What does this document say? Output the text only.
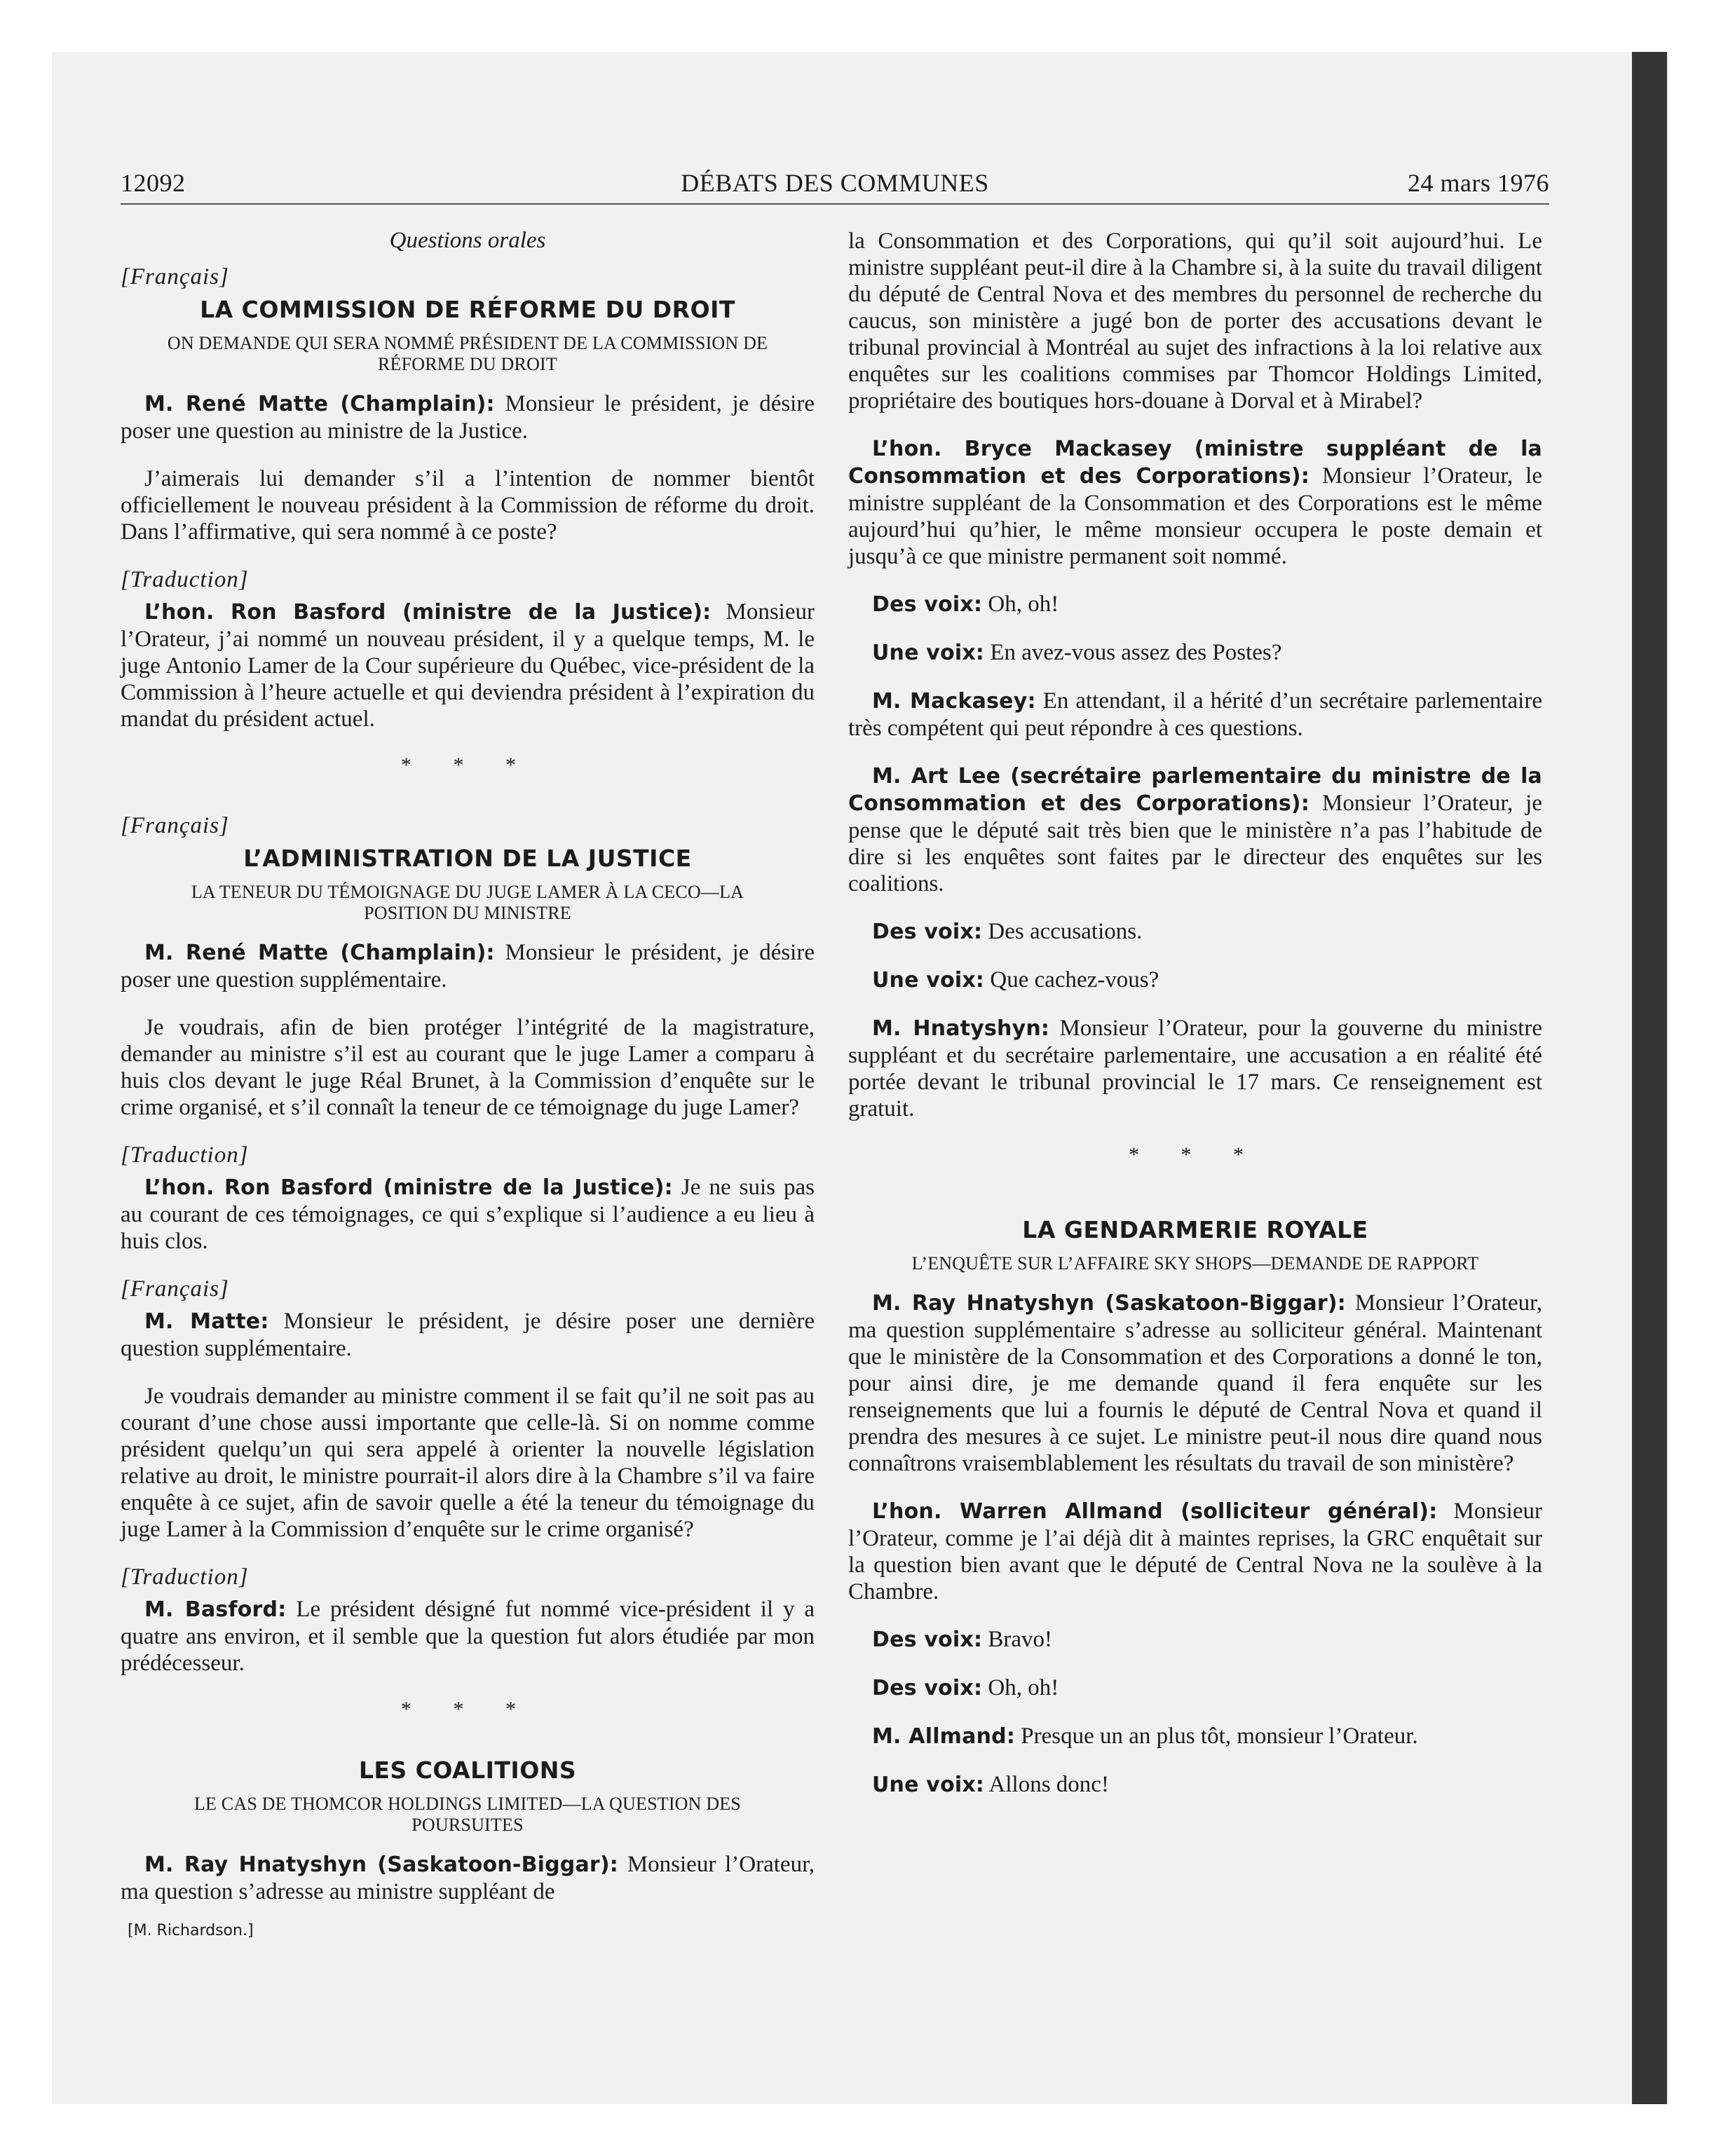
12092	DÉBATS DES COMMUNES	24 mars 1976
Questions orales
[Français]
LA COMMISSION DE RÉFORME DU DROIT
ON DEMANDE QUI SERA NOMMÉ PRÉSIDENT DE LA COMMISSION DE RÉFORME DU DROIT

M. René Matte (Champlain): Monsieur le président, je désire poser une question au ministre de la Justice.

J’aimerais lui demander s’il a l’intention de nommer bientôt officiellement le nouveau président à la Commission de réforme du droit. Dans l’affirmative, qui sera nommé à ce poste?

[Traduction]

L’hon. Ron Basford (ministre de la Justice): Monsieur l’Orateur, j’ai nommé un nouveau président, il y a quelque temps, M. le juge Antonio Lamer de la Cour supérieure du Québec, vice-président de la Commission à l’heure actuelle et qui deviendra président à l’expiration du mandat du président actuel.

* * *
[Français]
L’ADMINISTRATION DE LA JUSTICE
LA TENEUR DU TÉMOIGNAGE DU JUGE LAMER À LA CECO—LA POSITION DU MINISTRE

M. René Matte (Champlain): Monsieur le président, je désire poser une question supplémentaire.

Je voudrais, afin de bien protéger l’intégrité de la magistrature, demander au ministre s’il est au courant que le juge Lamer a comparu à huis clos devant le juge Réal Brunet, à la Commission d’enquête sur le crime organisé, et s’il connaît la teneur de ce témoignage du juge Lamer?

[Traduction]

L’hon. Ron Basford (ministre de la Justice): Je ne suis pas au courant de ces témoignages, ce qui s’explique si l’audience a eu lieu à huis clos.

[Français]

M. Matte: Monsieur le président, je désire poser une dernière question supplémentaire.

Je voudrais demander au ministre comment il se fait qu’il ne soit pas au courant d’une chose aussi importante que celle-là. Si on nomme comme président quelqu’un qui sera appelé à orienter la nouvelle législation relative au droit, le ministre pourrait-il alors dire à la Chambre s’il va faire enquête à ce sujet, afin de savoir quelle a été la teneur du témoignage du juge Lamer à la Commission d’enquête sur le crime organisé?

[Traduction]

M. Basford: Le président désigné fut nommé vice-président il y a quatre ans environ, et il semble que la question fut alors étudiée par mon prédécesseur.

* * *
LES COALITIONS
LE CAS DE THOMCOR HOLDINGS LIMITED—LA QUESTION DES POURSUITES

M. Ray Hnatyshyn (Saskatoon-Biggar): Monsieur l’Orateur, ma question s’adresse au ministre suppléant de

[M. Richardson.]

la Consommation et des Corporations, qui qu’il soit aujourd’hui. Le ministre suppléant peut-il dire à la Chambre si, à la suite du travail diligent du député de Central Nova et des membres du personnel de recherche du caucus, son ministère a jugé bon de porter des accusations devant le tribunal provincial à Montréal au sujet des infractions à la loi relative aux enquêtes sur les coalitions commises par Thomcor Holdings Limited, propriétaire des boutiques hors-douane à Dorval et à Mirabel?

L’hon. Bryce Mackasey (ministre suppléant de la Consommation et des Corporations): Monsieur l’Orateur, le ministre suppléant de la Consommation et des Corporations est le même aujourd’hui qu’hier, le même monsieur occupera le poste demain et jusqu’à ce que ministre permanent soit nommé.

Des voix: Oh, oh!

Une voix: En avez-vous assez des Postes?

M. Mackasey: En attendant, il a hérité d’un secrétaire parlementaire très compétent qui peut répondre à ces questions.

M. Art Lee (secrétaire parlementaire du ministre de la Consommation et des Corporations): Monsieur l’Orateur, je pense que le député sait très bien que le ministère n’a pas l’habitude de dire si les enquêtes sont faites par le directeur des enquêtes sur les coalitions.

Des voix: Des accusations.

Une voix: Que cachez-vous?

M. Hnatyshyn: Monsieur l’Orateur, pour la gouverne du ministre suppléant et du secrétaire parlementaire, une accusation a en réalité été portée devant le tribunal provincial le 17 mars. Ce renseignement est gratuit.

* * *
LA GENDARMERIE ROYALE
L’ENQUÊTE SUR L’AFFAIRE SKY SHOPS—DEMANDE DE RAPPORT

M. Ray Hnatyshyn (Saskatoon-Biggar): Monsieur l’Orateur, ma question supplémentaire s’adresse au solliciteur général. Maintenant que le ministère de la Consommation et des Corporations a donné le ton, pour ainsi dire, je me demande quand il fera enquête sur les renseignements que lui a fournis le député de Central Nova et quand il prendra des mesures à ce sujet. Le ministre peut-il nous dire quand nous connaîtrons vraisemblablement les résultats du travail de son ministère?

L’hon. Warren Allmand (solliciteur général): Monsieur l’Orateur, comme je l’ai déjà dit à maintes reprises, la GRC enquêtait sur la question bien avant que le député de Central Nova ne la soulève à la Chambre.

Des voix: Bravo!

Des voix: Oh, oh!

M. Allmand: Presque un an plus tôt, monsieur l’Orateur.

Une voix: Allons donc!
